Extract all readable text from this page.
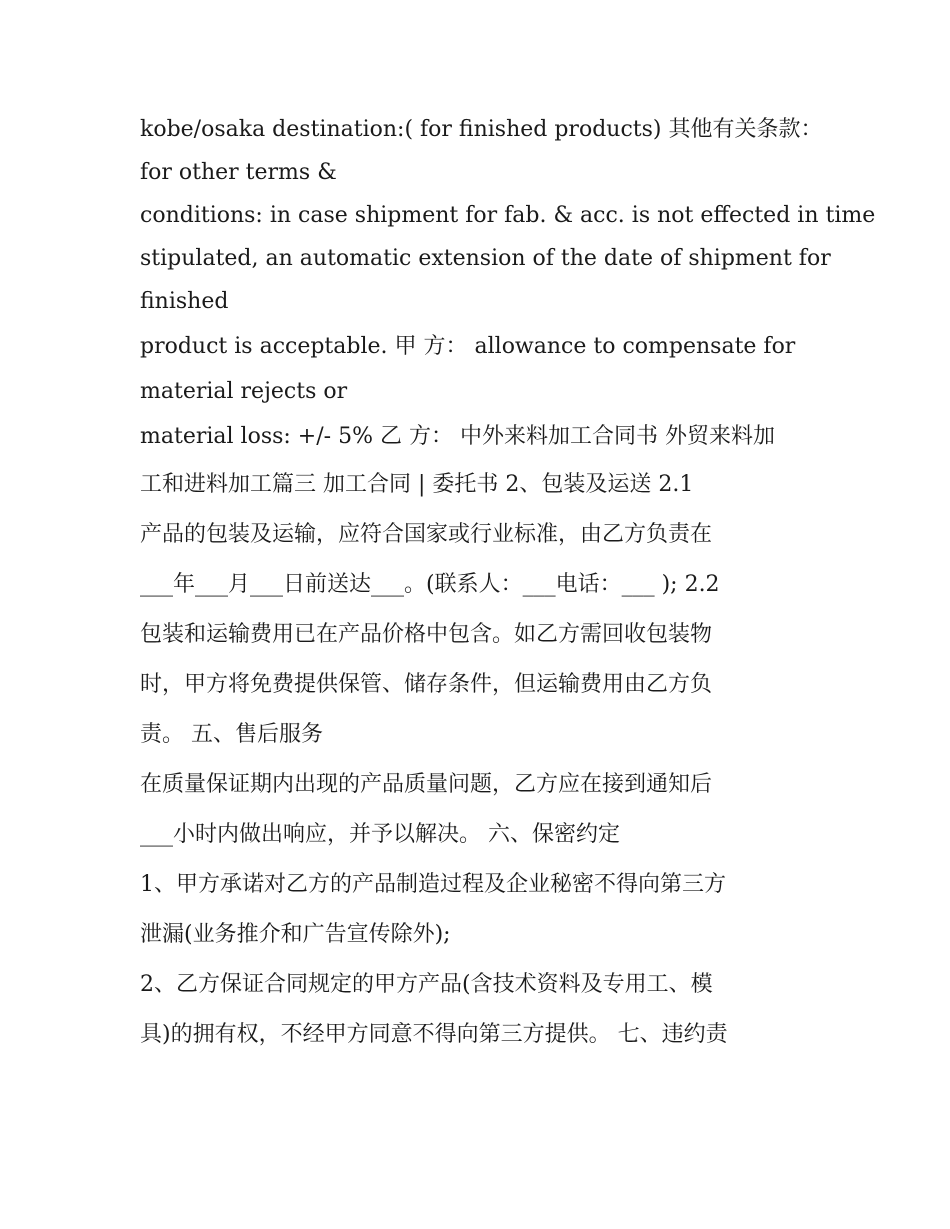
kobe/osaka destination:( for finished products) 其他有关条款：
for other terms &
conditions: in case shipment for fab. & acc. is not effected in time
stipulated, an automatic extension of the date of shipment for
finished
product is acceptable. 甲 方： allowance to compensate for
material rejects or
material loss: +/- 5% 乙 方： 中外来料加工合同书 外贸来料加
工和进料加工篇三 加工合同 | 委托书 2、包装及运送 2.1
产品的包装及运输，应符合国家或行业标准，由乙方负责在
___年___月___日前送达___。(联系人：___电话：___ ); 2.2
包装和运输费用已在产品价格中包含。如乙方需回收包装物
时，甲方将免费提供保管、储存条件，但运输费用由乙方负
责。 五、售后服务
在质量保证期内出现的产品质量问题，乙方应在接到通知后
___小时内做出响应，并予以解决。 六、保密约定
1、甲方承诺对乙方的产品制造过程及企业秘密不得向第三方
泄漏(业务推介和广告宣传除外);
2、乙方保证合同规定的甲方产品(含技术资料及专用工、模
具)的拥有权，不经甲方同意不得向第三方提供。 七、违约责
